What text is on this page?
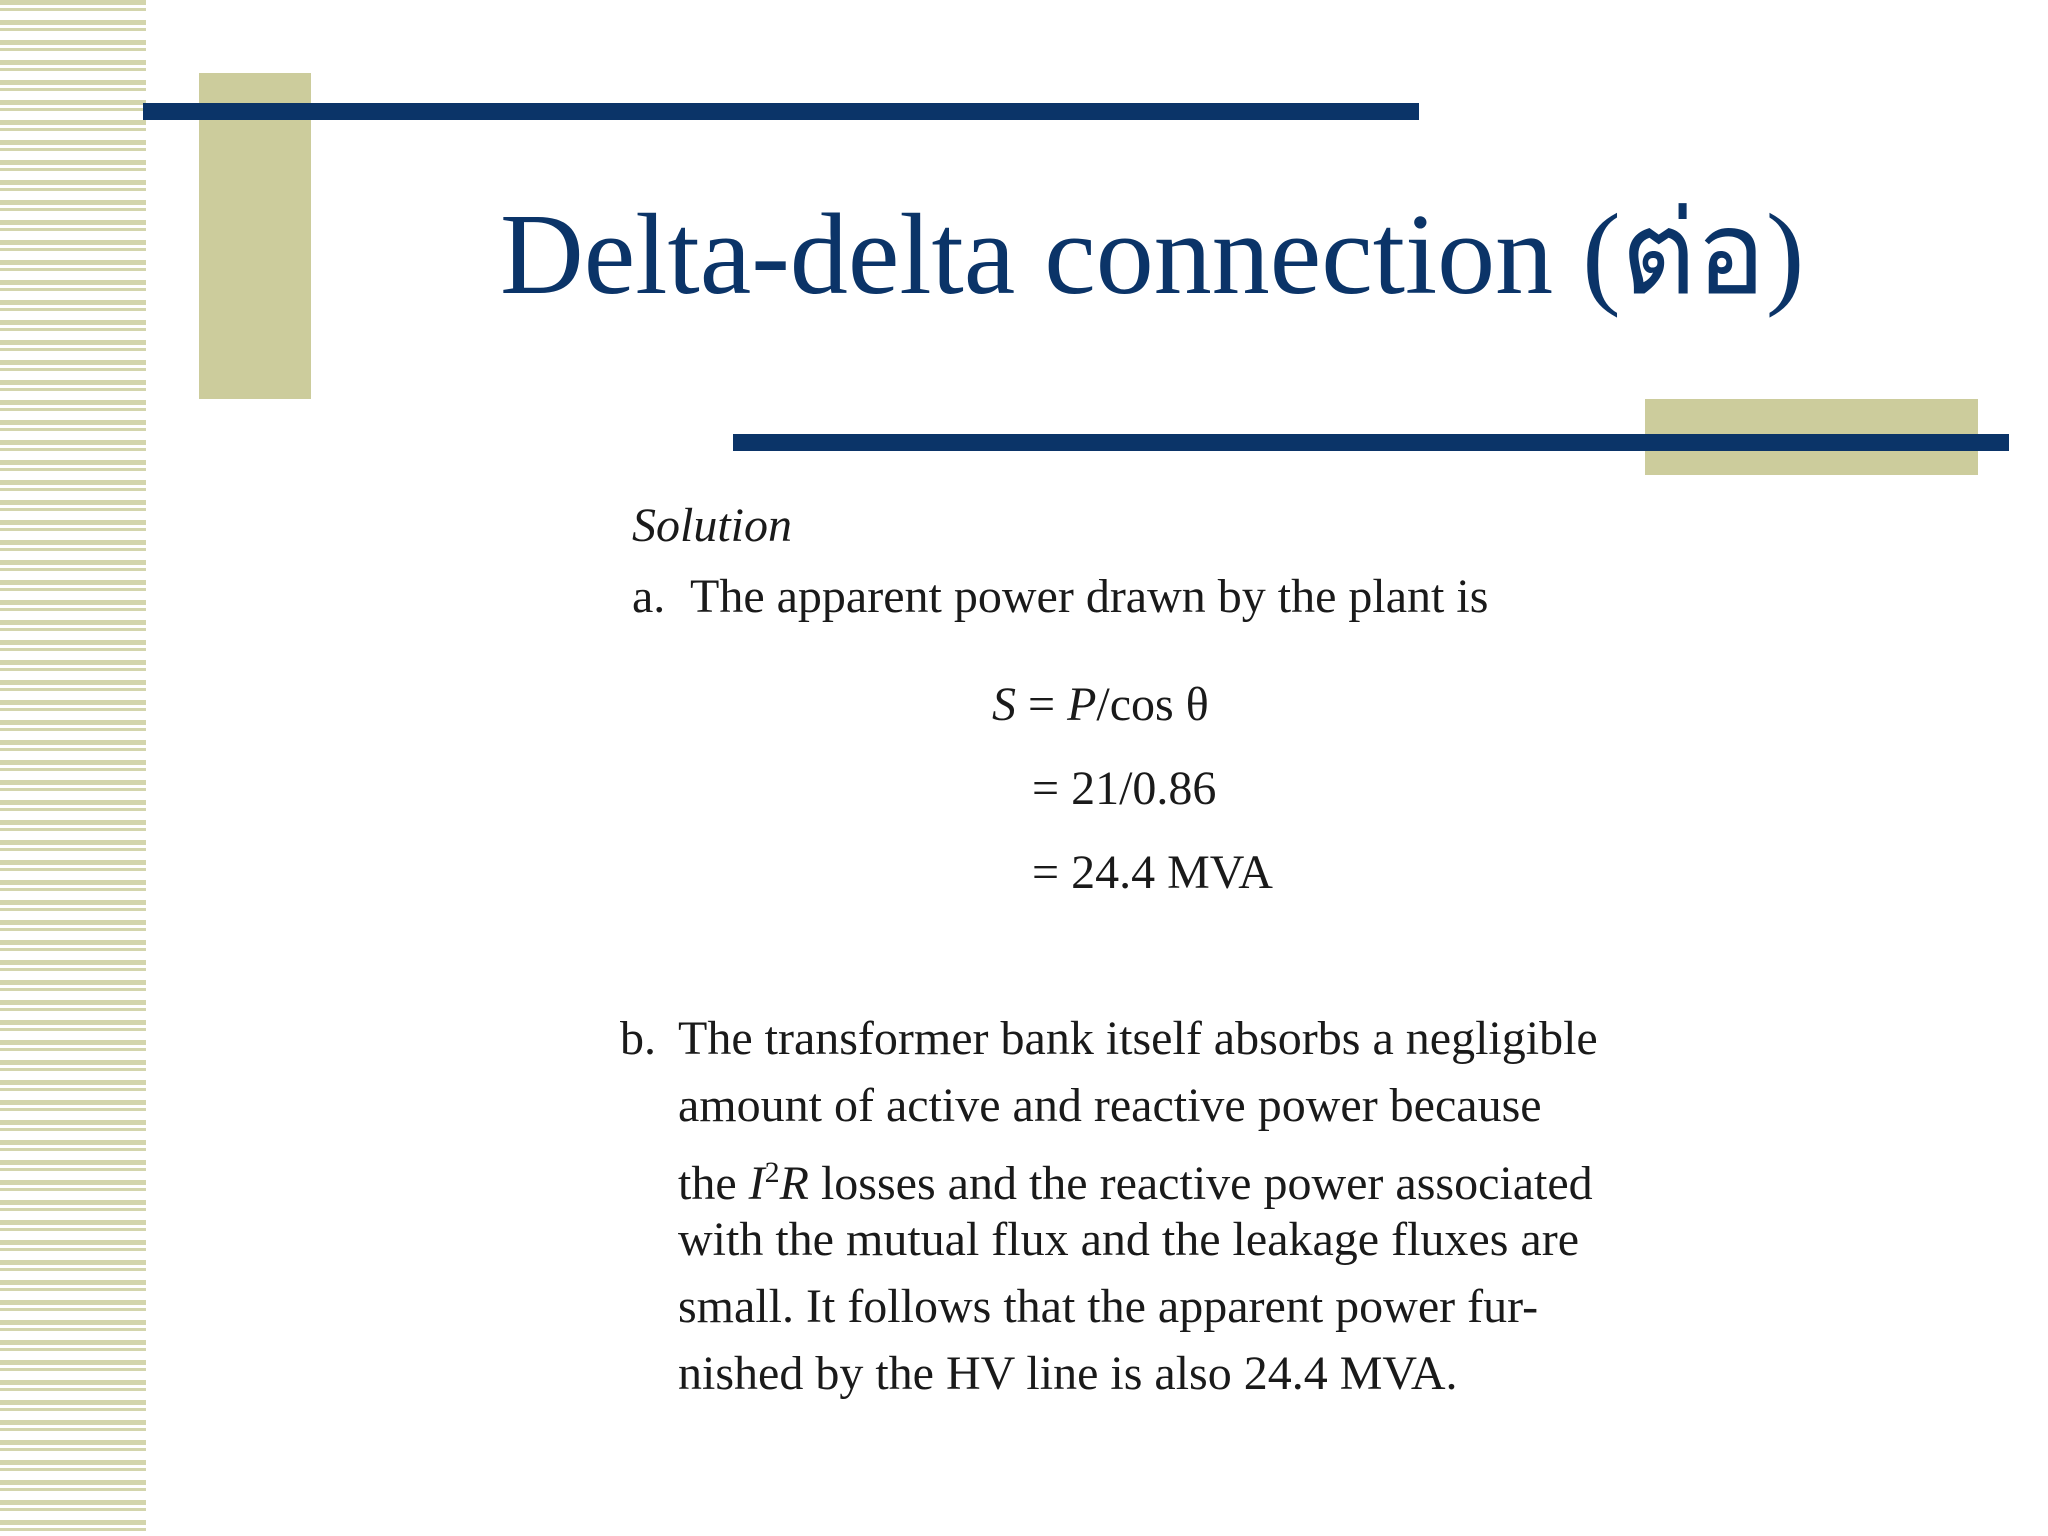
Delta-delta connection (ต่อ)
Solution
a. The apparent power drawn by the plant is
S = P/cos θ
= 21/0.86
= 24.4 MVA
b. The transformer bank itself absorbs a negligible
amount of active and reactive power because
the $I^2R$ losses and the reactive power associated
with the mutual flux and the leakage fluxes are
small. It follows that the apparent power fur-
nished by the HV line is also 24.4 MVA.
